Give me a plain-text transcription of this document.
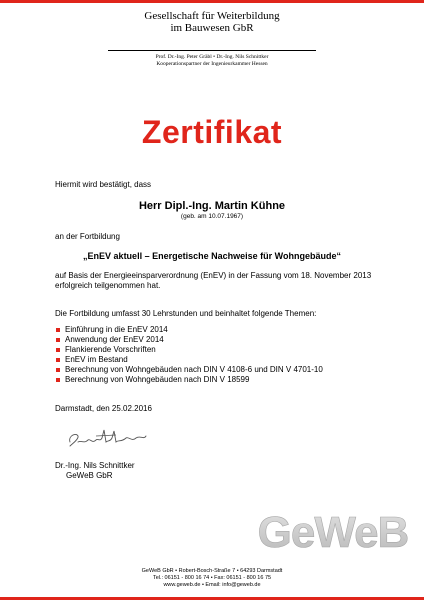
Gesellschaft für Weiterbildung
im Bauwesen GbR
Prof. Dr.-Ing. Peter Gräbl • Dr.-Ing. Nils Schnittker
Kooperationspartner der Ingenieurkammer Hessen
Zertifikat
Hiermit wird bestätigt, dass
Herr Dipl.-Ing. Martin Kühne
(geb. am 10.07.1967)
an der Fortbildung
„EnEV aktuell – Energetische Nachweise für Wohngebäude“
auf Basis der Energieeinsparverordnung (EnEV) in der Fassung vom 18. November 2013
erfolgreich teilgenommen hat.
Die Fortbildung umfasst 30 Lehrstunden und beinhaltet folgende Themen:
Einführung in die EnEV 2014
Anwendung der EnEV 2014
Flankierende Vorschriften
EnEV im Bestand
Berechnung von Wohngebäuden nach DIN V 4108-6 und DIN V 4701-10
Berechnung von Wohngebäuden nach DIN V 18599
Darmstadt, den 25.02.2016
Dr.-Ing. Nils Schnittker
GeWeB GbR
GeWeB
GeWeB GbR • Robert-Bosch-Straße 7 • 64293 Darmstadt
Tel.: 06151 - 800 16 74 • Fax: 06151 - 800 16 75
www.geweb.de • Email: info@geweb.de
